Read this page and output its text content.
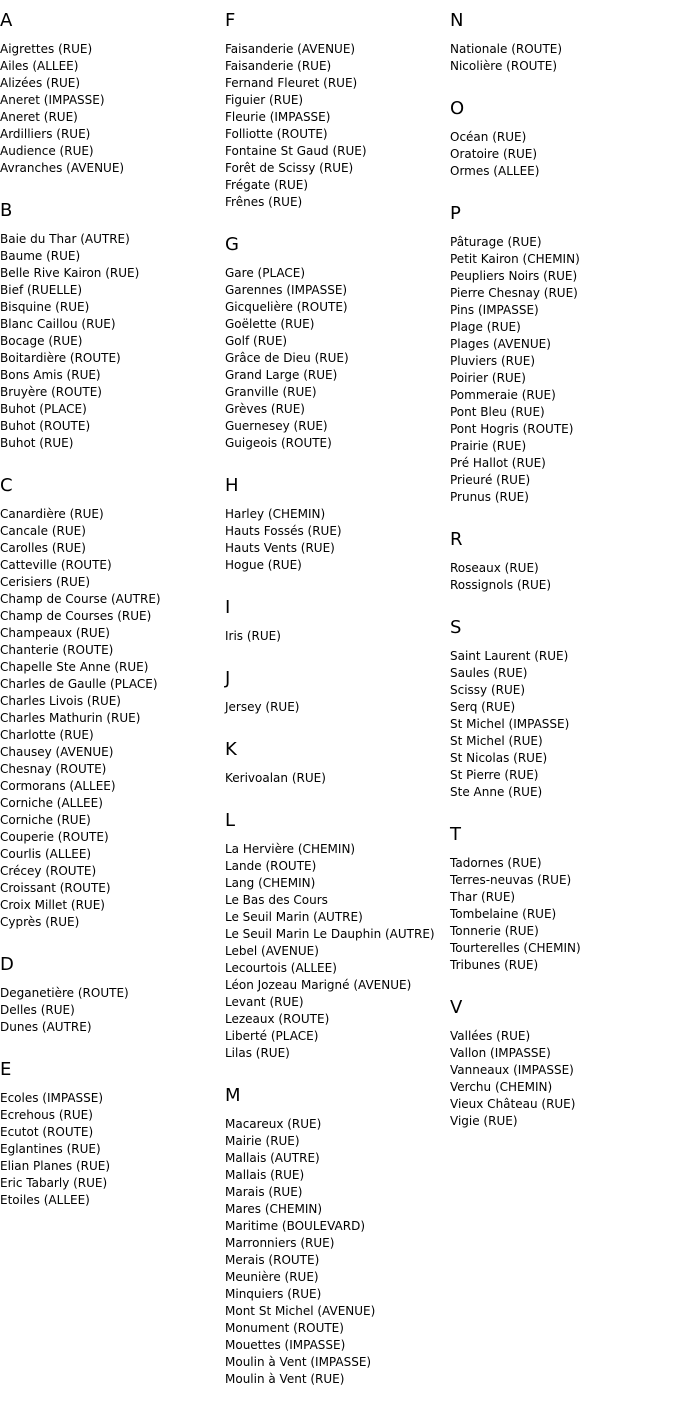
A
Aigrettes (RUE)
Ailes (ALLEE)
Alizées (RUE)
Aneret (IMPASSE)
Aneret (RUE)
Ardilliers (RUE)
Audience (RUE)
Avranches (AVENUE)
B
Baie du Thar (AUTRE)
Baume (RUE)
Belle Rive Kairon (RUE)
Bief (RUELLE)
Bisquine (RUE)
Blanc Caillou (RUE)
Bocage (RUE)
Boitardière (ROUTE)
Bons Amis (RUE)
Bruyère (ROUTE)
Buhot (PLACE)
Buhot (ROUTE)
Buhot (RUE)
C
Canardière (RUE)
Cancale (RUE)
Carolles (RUE)
Catteville (ROUTE)
Cerisiers (RUE)
Champ de Course (AUTRE)
Champ de Courses (RUE)
Champeaux (RUE)
Chanterie (ROUTE)
Chapelle Ste Anne (RUE)
Charles de Gaulle (PLACE)
Charles Livois (RUE)
Charles Mathurin (RUE)
Charlotte (RUE)
Chausey (AVENUE)
Chesnay (ROUTE)
Cormorans (ALLEE)
Corniche (ALLEE)
Corniche (RUE)
Couperie (ROUTE)
Courlis (ALLEE)
Crécey (ROUTE)
Croissant (ROUTE)
Croix Millet (RUE)
Cyprès (RUE)
D
Deganetière (ROUTE)
Delles (RUE)
Dunes (AUTRE)
E
Ecoles (IMPASSE)
Ecrehous (RUE)
Ecutot (ROUTE)
Eglantines (RUE)
Elian Planes (RUE)
Eric Tabarly (RUE)
Etoiles (ALLEE)
F
Faisanderie (AVENUE)
Faisanderie (RUE)
Fernand Fleuret (RUE)
Figuier (RUE)
Fleurie (IMPASSE)
Folliotte (ROUTE)
Fontaine St Gaud (RUE)
Forêt de Scissy (RUE)
Frégate (RUE)
Frênes (RUE)
G
Gare (PLACE)
Garennes (IMPASSE)
Gicquelière (ROUTE)
Goëlette (RUE)
Golf (RUE)
Grâce de Dieu (RUE)
Grand Large (RUE)
Granville (RUE)
Grèves (RUE)
Guernesey (RUE)
Guigeois (ROUTE)
H
Harley (CHEMIN)
Hauts Fossés (RUE)
Hauts Vents (RUE)
Hogue (RUE)
I
Iris (RUE)
J
Jersey (RUE)
K
Kerivoalan (RUE)
L
La Hervière (CHEMIN)
Lande (ROUTE)
Lang (CHEMIN)
Le Bas des Cours
Le Seuil Marin (AUTRE)
Le Seuil Marin Le Dauphin (AUTRE)
Lebel (AVENUE)
Lecourtois (ALLEE)
Léon Jozeau Marigné (AVENUE)
Levant (RUE)
Lezeaux (ROUTE)
Liberté (PLACE)
Lilas (RUE)
M
Macareux (RUE)
Mairie (RUE)
Mallais (AUTRE)
Mallais (RUE)
Marais (RUE)
Mares (CHEMIN)
Maritime (BOULEVARD)
Marronniers (RUE)
Merais (ROUTE)
Meunière (RUE)
Minquiers (RUE)
Mont St Michel (AVENUE)
Monument (ROUTE)
Mouettes (IMPASSE)
Moulin à Vent (IMPASSE)
Moulin à Vent (RUE)
N
Nationale (ROUTE)
Nicolière (ROUTE)
O
Océan (RUE)
Oratoire (RUE)
Ormes (ALLEE)
P
Pâturage (RUE)
Petit Kairon (CHEMIN)
Peupliers Noirs (RUE)
Pierre Chesnay (RUE)
Pins (IMPASSE)
Plage (RUE)
Plages (AVENUE)
Pluviers (RUE)
Poirier (RUE)
Pommeraie (RUE)
Pont Bleu (RUE)
Pont Hogris (ROUTE)
Prairie (RUE)
Pré Hallot (RUE)
Prieuré (RUE)
Prunus (RUE)
R
Roseaux (RUE)
Rossignols (RUE)
S
Saint Laurent (RUE)
Saules (RUE)
Scissy (RUE)
Serq (RUE)
St Michel (IMPASSE)
St Michel (RUE)
St Nicolas (RUE)
St Pierre (RUE)
Ste Anne (RUE)
T
Tadornes (RUE)
Terres-neuvas (RUE)
Thar (RUE)
Tombelaine (RUE)
Tonnerie (RUE)
Tourterelles (CHEMIN)
Tribunes (RUE)
V
Vallées (RUE)
Vallon (IMPASSE)
Vanneaux (IMPASSE)
Verchu (CHEMIN)
Vieux Château (RUE)
Vigie (RUE)
